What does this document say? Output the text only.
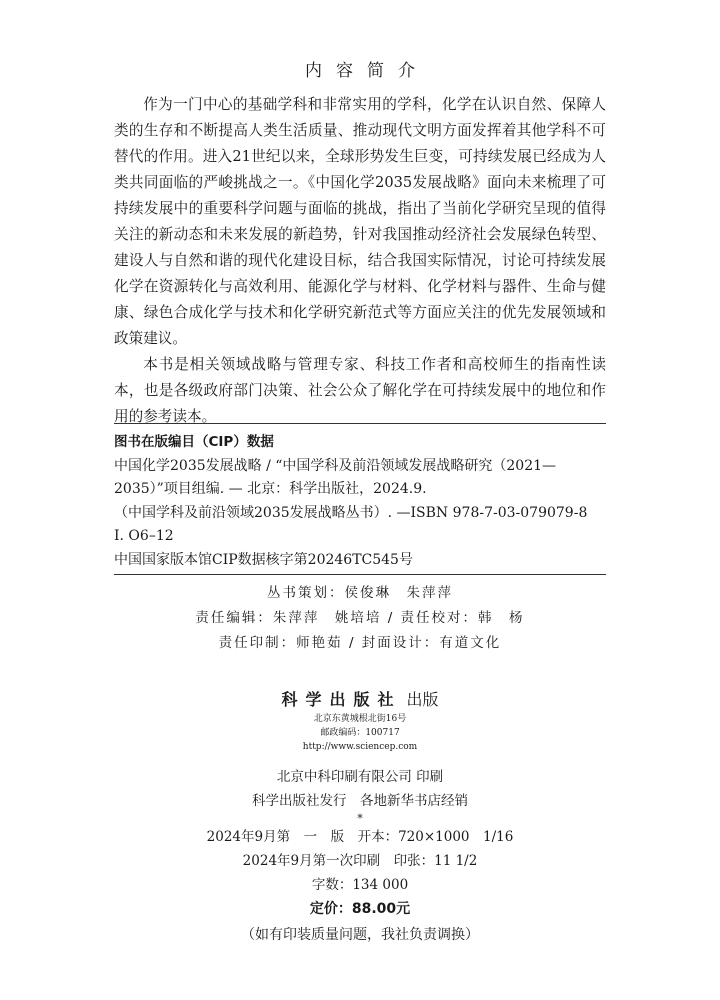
内容简介

作为一门中心的基础学科和非常实用的学科，化学在认识自然、保障人类的生存和不断提高人类生活质量、推动现代文明方面发挥着其他学科不可替代的作用。进入21世纪以来，全球形势发生巨变，可持续发展已经成为人类共同面临的严峻挑战之一。《中国化学2035发展战略》面向未来梳理了可持续发展中的重要科学问题与面临的挑战，指出了当前化学研究呈现的值得关注的新动态和未来发展的新趋势，针对我国推动经济社会发展绿色转型、建设人与自然和谐的现代化建设目标，结合我国实际情况，讨论可持续发展化学在资源转化与高效利用、能源化学与材料、化学材料与器件、生命与健康、绿色合成化学与技术和化学研究新范式等方面应关注的优先发展领域和政策建议。

本书是相关领域战略与管理专家、科技工作者和高校师生的指南性读本，也是各级政府部门决策、社会公众了解化学在可持续发展中的地位和作用的参考读本。

图书在版编目（CIP）数据
中国化学2035发展战略 / “中国学科及前沿领域发展战略研究（2021—
2035）”项目组编. — 北京：科学出版社，2024.9.
（中国学科及前沿领域2035发展战略丛书）. —ISBN 978-7-03-079079-8
Ⅰ. O6–12
中国国家版本馆CIP数据核字第20246TC545号
丛书策划：侯俊琳　朱萍萍
责任编辑：朱萍萍　姚培培 / 责任校对：韩　杨
责任印制：师艳茹 / 封面设计：有道文化
科学出版社 出版
北京东黄城根北街16号
邮政编码：100717
http://www.sciencep.com
北京中科印刷有限公司 印刷
科学出版社发行　各地新华书店经销
*
2024年9月第　一　版　开本：720×1000　1/16
2024年9月第一次印刷　印张：11 1/2
字数：134 000
定价：88.00元
（如有印装质量问题，我社负责调换）
